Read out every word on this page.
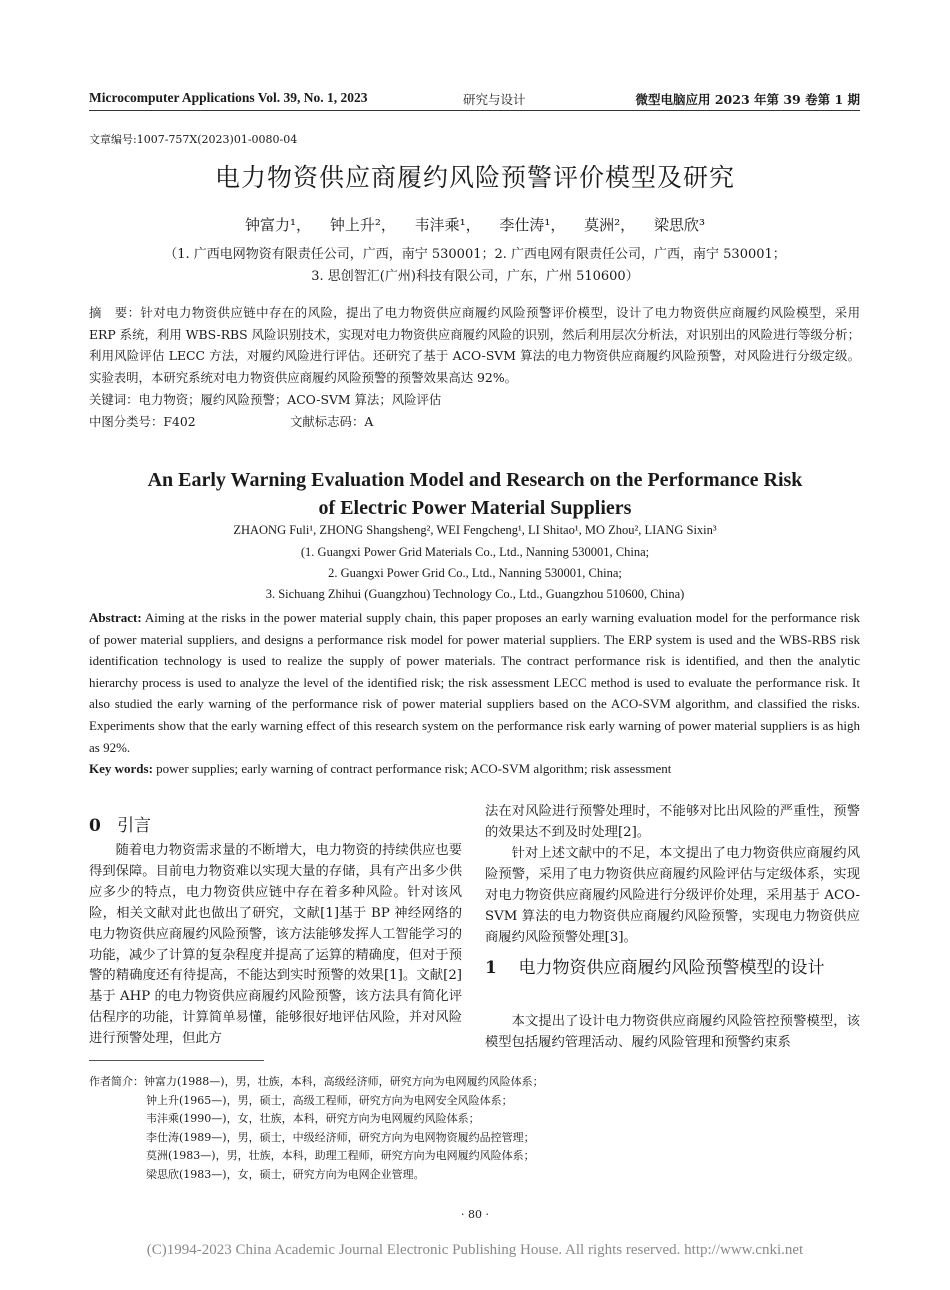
Microcomputer Applications Vol. 39, No. 1, 2023	研究与设计	微型电脑应用 2023 年第 39 卷第 1 期
文章编号:1007-757X(2023)01-0080-04
电力物资供应商履约风险预警评价模型及研究
钟富力¹， 钟上升²， 韦沣乘¹， 李仕涛¹， 莫洲²， 梁思欣³
（1. 广西电网物资有限责任公司，广西，南宁 530001；2. 广西电网有限责任公司，广西，南宁 530001；
3. 思创智汇(广州)科技有限公司，广东，广州 510600）
摘　要：针对电力物资供应链中存在的风险，提出了电力物资供应商履约风险预警评价模型，设计了电力物资供应商履约风险模型，采用 ERP 系统，利用 WBS-RBS 风险识别技术，实现对电力物资供应商履约风险的识别，然后利用层次分析法，对识别出的风险进行等级分析；利用风险评估 LECC 方法，对履约风险进行评估。还研究了基于 ACO-SVM 算法的电力物资供应商履约风险预警，对风险进行分级定级。实验表明，本研究系统对电力物资供应商履约风险预警的预警效果高达 92%。
关键词：电力物资；履约风险预警；ACO-SVM 算法；风险评估
中图分类号：F402	文献标志码：A
An Early Warning Evaluation Model and Research on the Performance Risk
of Electric Power Material Suppliers
ZHAONG Fuli¹, ZHONG Shangsheng², WEI Fengcheng¹, LI Shitao¹, MO Zhou², LIANG Sixin³
(1. Guangxi Power Grid Materials Co., Ltd., Nanning 530001, China;
2. Guangxi Power Grid Co., Ltd., Nanning 530001, China;
3. Sichuang Zhihui (Guangzhou) Technology Co., Ltd., Guangzhou 510600, China)
Abstract: Aiming at the risks in the power material supply chain, this paper proposes an early warning evaluation model for the performance risk of power material suppliers, and designs a performance risk model for power material suppliers. The ERP system is used and the WBS-RBS risk identification technology is used to realize the supply of power materials. The contract performance risk is identified, and then the analytic hierarchy process is used to analyze the level of the identified risk; the risk assessment LECC method is used to evaluate the performance risk. It also studied the early warning of the performance risk of power material suppliers based on the ACO-SVM algorithm, and classified the risks. Experiments show that the early warning effect of this research system on the performance risk early warning of power material suppliers is as high as 92%.
Key words: power supplies; early warning of contract performance risk; ACO-SVM algorithm; risk assessment
0 引言
随着电力物资需求量的不断增大，电力物资的持续供应也要得到保障。目前电力物资难以实现大量的存储，具有产出多少供应多少的特点，电力物资供应链中存在着多种风险。针对该风险，相关文献对此也做出了研究，文献[1]基于 BP 神经网络的电力物资供应商履约风险预警，该方法能够发挥人工智能学习的功能，减少了计算的复杂程度并提高了运算的精确度，但对于预警的精确度还有待提高，不能达到实时预警的效果[1]。文献[2]基于 AHP 的电力物资供应商履约风险预警，该方法具有简化评估程序的功能，计算简单易懂，能够很好地评估风险，并对风险进行预警处理，但此方
法在对风险进行预警处理时，不能够对比出风险的严重性，预警的效果达不到及时处理[2]。
针对上述文献中的不足，本文提出了电力物资供应商履约风险预警，采用了电力物资供应商履约风险评估与定级体系，实现对电力物资供应商履约风险进行分级评价处理，采用基于 ACO-SVM 算法的电力物资供应商履约风险预警，实现电力物资供应商履约风险预警处理[3]。
1 电力物资供应商履约风险预警模型的设计
本文提出了设计电力物资供应商履约风险管控预警模型，该模型包括履约管理活动、履约风险管理和预警约束系
作者简介：钟富力(1988—)，男，壮族，本科，高级经济师，研究方向为电网履约风险体系；
钟上升(1965—)，男，硕士，高级工程师，研究方向为电网安全风险体系；
韦沣乘(1990—)，女，壮族，本科，研究方向为电网履约风险体系；
李仕涛(1989—)，男，硕士，中级经济师，研究方向为电网物资履约品控管理；
莫洲(1983—)，男，壮族，本科，助理工程师，研究方向为电网履约风险体系；
梁思欣(1983—)，女，硕士，研究方向为电网企业管理。
· 80 ·
(C)1994-2023 China Academic Journal Electronic Publishing House. All rights reserved. http://www.cnki.net
